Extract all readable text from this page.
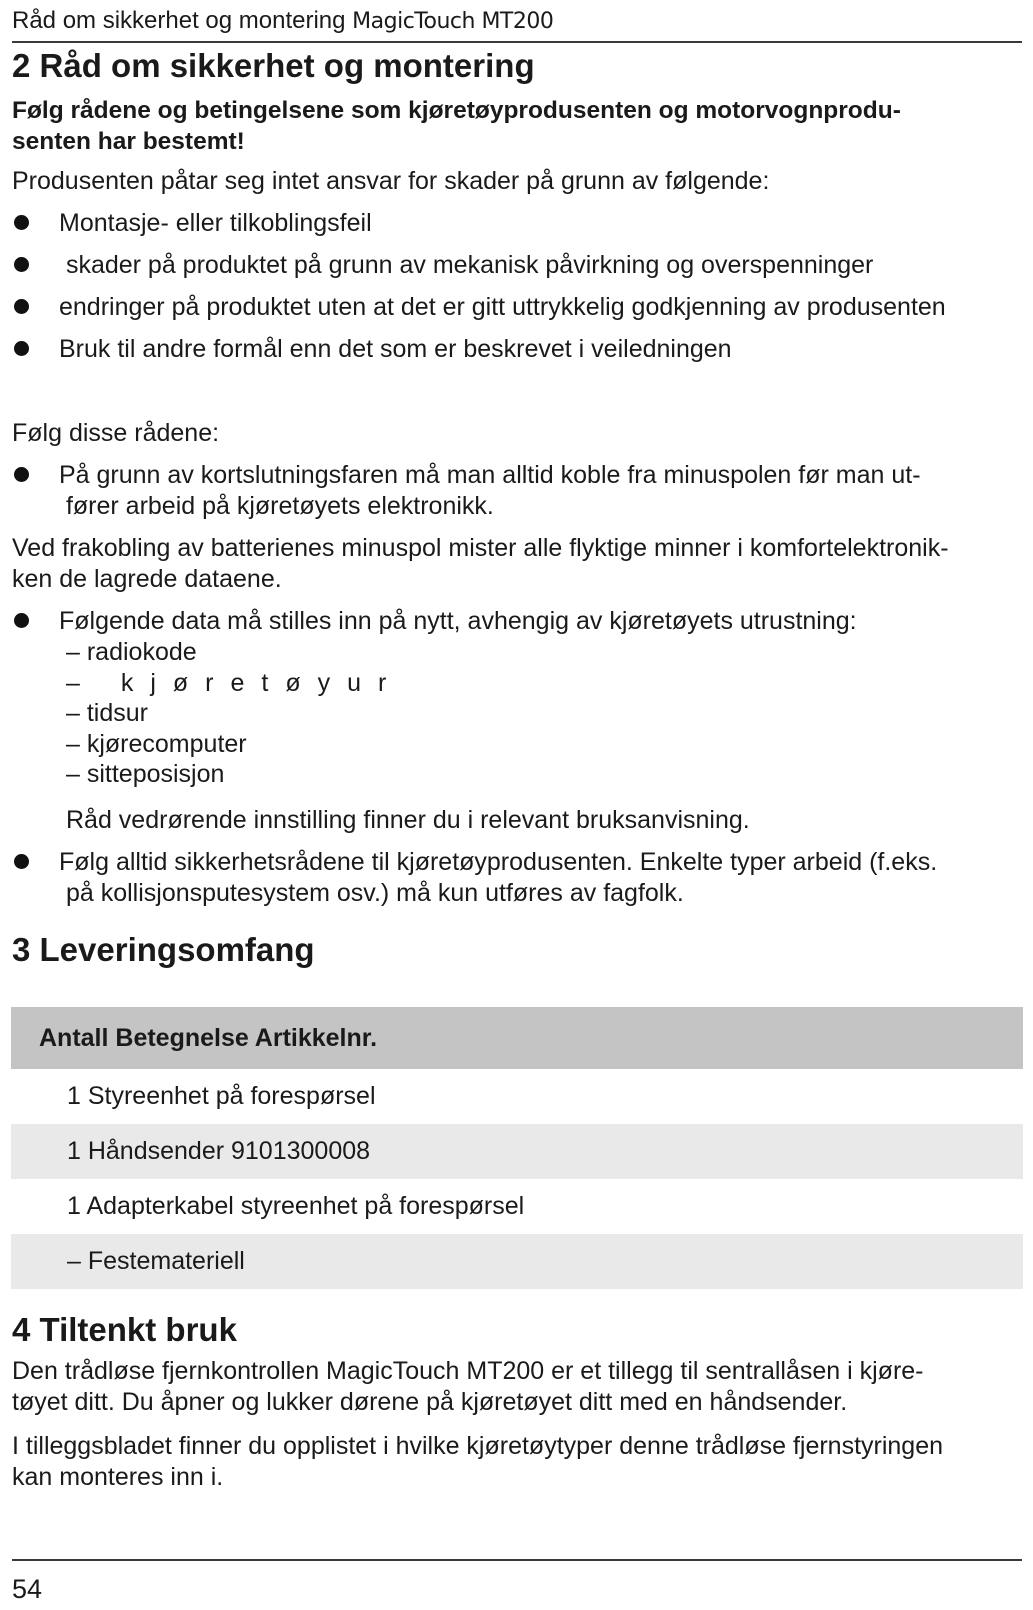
Råd om sikkerhet og montering MagicTouch MT200
2 Råd om sikkerhet og montering

Følg rådene og betingelsene som kjøretøyprodusenten og motorvognprodu-

senten har bestemt!

Produsenten påtar seg intet ansvar for skader på grunn av følgende:

Montasje- eller tilkoblingsfeil
skader på produktet på grunn av mekanisk påvirkning og overspenninger
endringer på produktet uten at det er gitt uttrykkelig godkjenning av produsenten
Bruk til andre formål enn det som er beskrevet i veiledningen

Følg disse rådene:

På grunn av kortslutningsfaren må man alltid koble fra minuspolen før man ut-
fører arbeid på kjøretøyets elektronikk.

Ved frakobling av batterienes minuspol mister alle flyktige minner i komfortelektronik-

ken de lagrede dataene.

Følgende data må stilles inn på nytt, avhengig av kjøretøyets utrustning:
– radiokode
– kjøretøyur
– tidsur
– kjørecomputer
– sitteposisjon
Råd vedrørende innstilling finner du i relevant bruksanvisning.
Følg alltid sikkerhetsrådene til kjøretøyprodusenten. Enkelte typer arbeid (f.eks.
på kollisjonsputesystem osv.) må kun utføres av fagfolk.
3 Leveringsomfang
Antall Betegnelse Artikkelnr.
1 Styreenhet på forespørsel
1 Håndsender 9101300008
1 Adapterkabel styreenhet på forespørsel
– Festemateriell
4 Tiltenkt bruk

Den trådløse fjernkontrollen MagicTouch MT200 er et tillegg til sentrallåsen i kjøre-

tøyet ditt. Du åpner og lukker dørene på kjøretøyet ditt med en håndsender.

I tilleggsbladet finner du opplistet i hvilke kjøretøytyper denne trådløse fjernstyringen

kan monteres inn i.

54
